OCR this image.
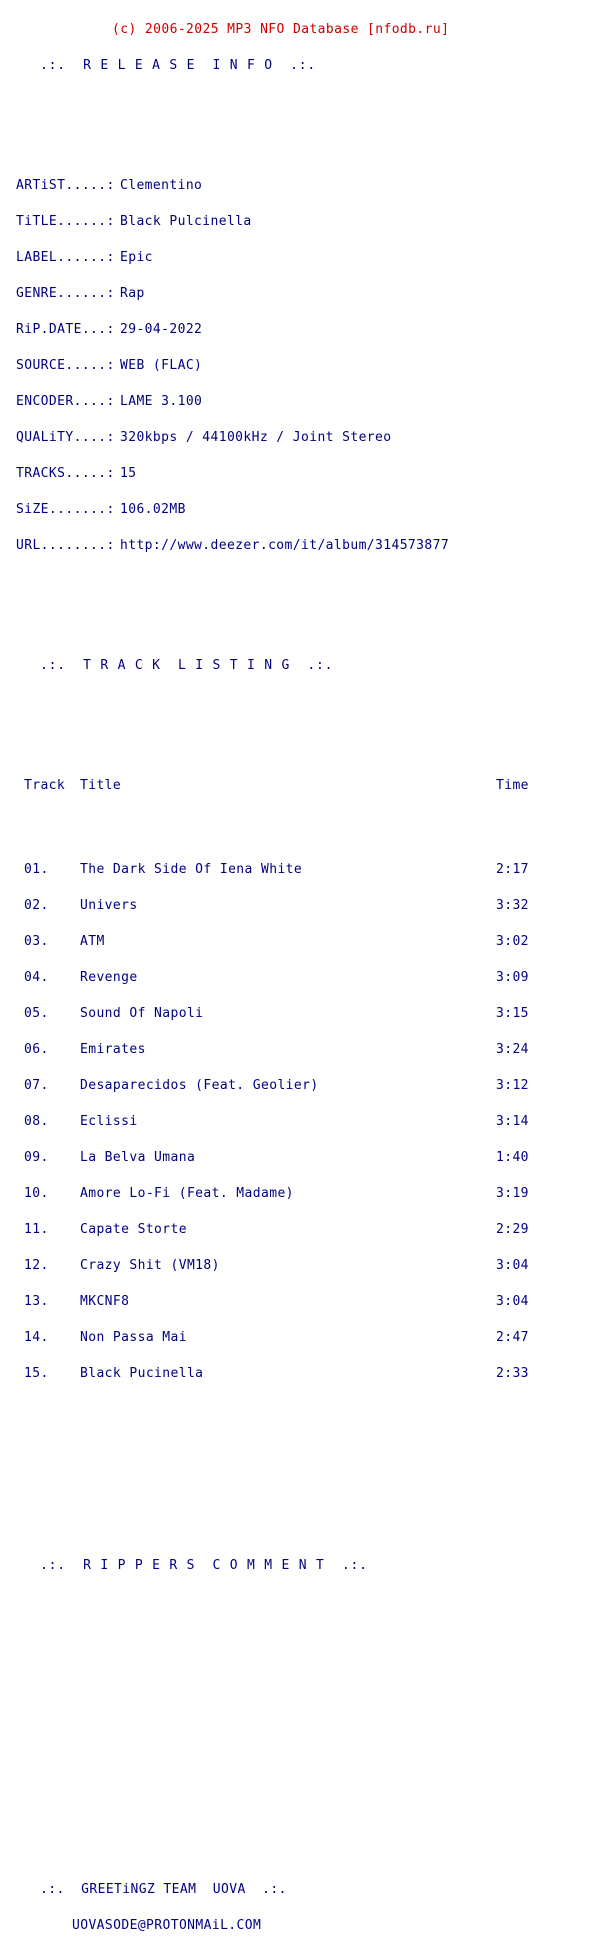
(c) 2006-2025 MP3 NFO Database [nfodb.ru]

.:.  R E L E A S E  I N F O  .:.

ARTiST.....: Clementino

TiTLE......: Black Pulcinella

LABEL......: Epic

GENRE......: Rap

RiP.DATE...: 29-04-2022

SOURCE.....: WEB (FLAC)

ENCODER....: LAME 3.100

QUALiTY....: 320kbps / 44100kHz / Joint Stereo

TRACKS.....: 15

SiZE.......: 106.02MB

URL........: http://www.deezer.com/it/album/314573877

.:.  T R A C K  L I S T I N G  .:.

Track Title	Time

01. The Dark Side Of Iena White	2:17

02. Univers	3:32

03. ATM	3:02

04. Revenge	3:09

05. Sound Of Napoli	3:15

06. Emirates	3:24

07. Desaparecidos (Feat. Geolier)	3:12

08. Eclissi	3:14

09. La Belva Umana	1:40

10. Amore Lo-Fi (Feat. Madame)	3:19

11. Capate Storte	2:29

12. Crazy Shit (VM18)	3:04

13. MKCNF8	3:04

14. Non Passa Mai	2:47

15. Black Pucinella	2:33

.:.  R I P P E R S  C O M M E N T  .:.

.:.  GREETiNGZ TEAM  UOVA  .:.

UOVASODE@PROTONMAiL.COM
